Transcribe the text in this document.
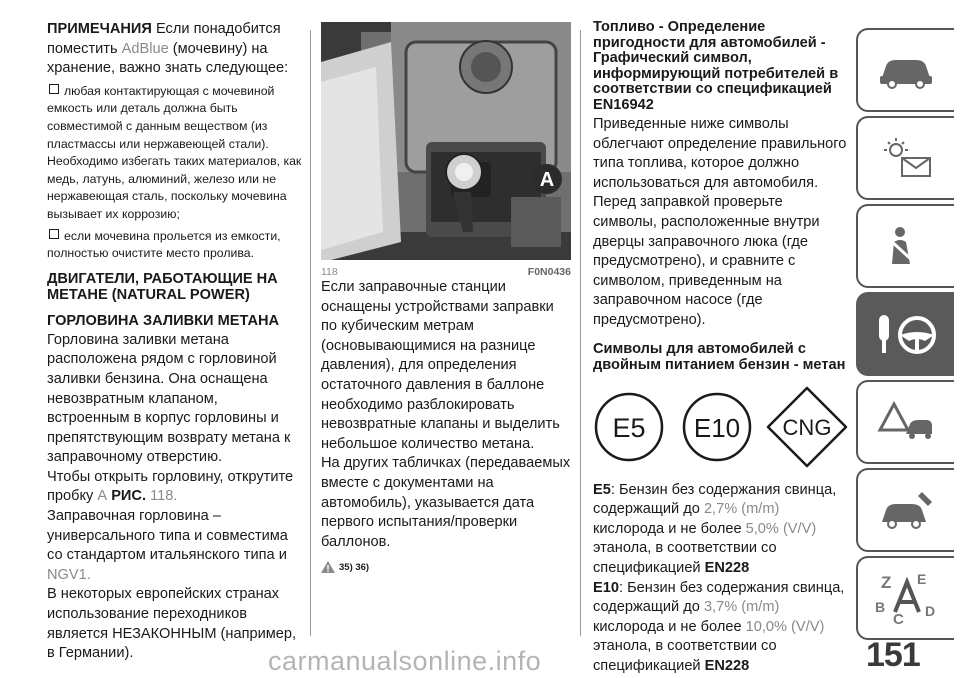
ПРИМЕЧАНИЯ Если понадобится поместить AdBlue (мочевину) на хранение, важно знать следующее:

любая контактирующая с мочевиной емкость или деталь должна быть совместимой с данным веществом (из пластмассы или нержавеющей стали). Необходимо избегать таких материалов, как медь, латунь, алюминий, железо или не нержавеющая сталь, поскольку мочевина вызывает их коррозию;

если мочевина прольется из емкости, полностью очистите место пролива.

ДВИГАТЕЛИ, РАБОТАЮЩИЕ НА МЕТАНЕ (NATURAL POWER)
ГОРЛОВИНА ЗАЛИВКИ МЕТАНА

Горловина заливки метана расположена рядом с горловиной заливки бензина. Она оснащена невозвратным клапаном, встроенным в корпус горловины и препятствующим возврату метана к заправочному отверстию.

Чтобы открыть горловину, открутите пробку А РИС. 118.

Заправочная горловина – универсального типа и совместима со стандартом итальянского типа и NGV1.

В некоторых европейских странах использование переходников является НЕЗАКОННЫМ (например, в Германии).

A
118	F0N0436

Если заправочные станции оснащены устройствами заправки по кубическим метрам (основывающимися на разнице давления), для определения остаточного давления в баллоне необходимо разблокировать невозвратные клапаны и выделить небольшое количество метана.

На других табличках (передаваемых вместе с документами на автомобиль), указывается дата первого испытания/проверки баллонов.

35) 36)
Топливо - Определение пригодности для автомобилей - Графический символ, информирующий потребителей в соответствии со спецификацией EN16942

Приведенные ниже символы облегчают определение правильного типа топлива, которое должно использоваться для автомобиля. Перед заправкой проверьте символы, расположенные внутри дверцы заправочного люка (где предусмотрено), и сравните с символом, приведенным на заправочном насосе (где предусмотрено).

Символы для автомобилей с двойным питанием бензин - метан
E5 E10 CNG

E5: Бензин без содержания свинца, содержащий до 2,7% (m/m) кислорода и не более 5,0% (V/V) этанола, в соответствии со спецификацией EN228

E10: Бензин без содержания свинца, содержащий до 3,7% (m/m) кислорода и не более 10,0% (V/V) этанола, в соответствии со спецификацией EN228

Z E
B
C D
151
carmanualsonline.info
